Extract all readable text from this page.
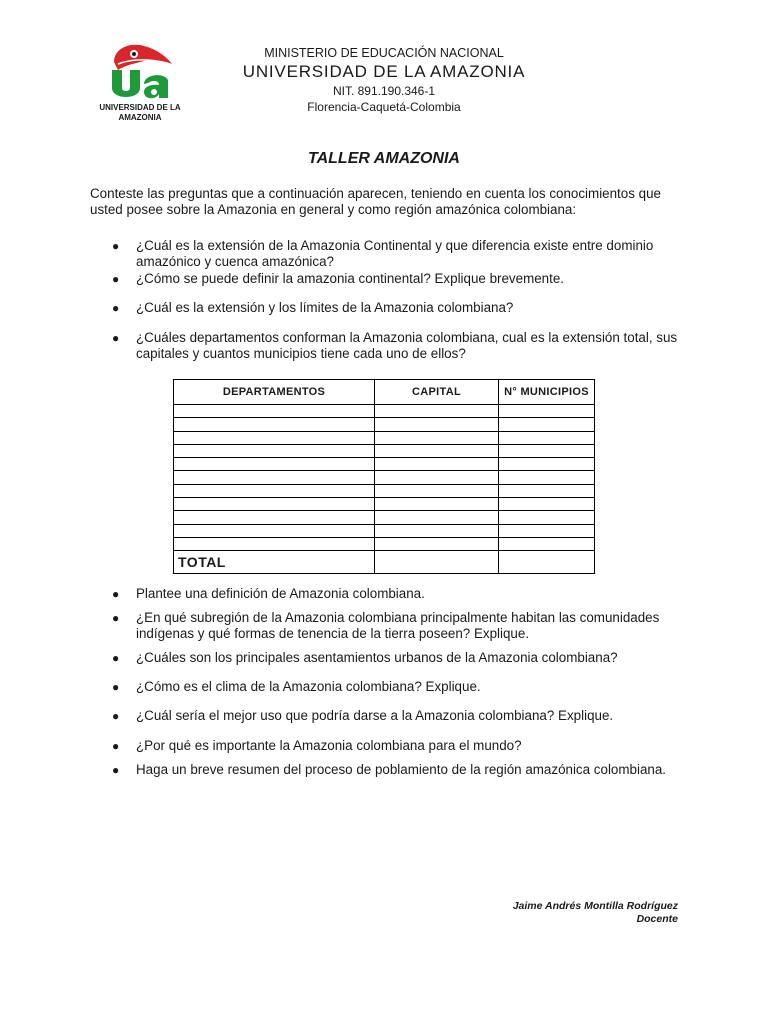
UNIVERSIDAD DE LA AMAZONIA
MINISTERIO DE EDUCACIÓN NACIONAL
UNIVERSIDAD DE LA AMAZONIA
NIT. 891.190.346-1
Florencia-Caquetá-Colombia
TALLER AMAZONIA
Conteste las preguntas que a continuación aparecen, teniendo en cuenta los conocimientos que usted posee sobre la Amazonia en general y como región amazónica colombiana:
● ¿Cuál es la extensión de la Amazonia Continental y que diferencia existe entre dominio amazónico y cuenca amazónica?
● ¿Cómo se puede definir la amazonia continental? Explique brevemente.
● ¿Cuál es la extensión y los límites de la Amazonia colombiana?
● ¿Cuáles departamentos conforman la Amazonia colombiana, cual es la extensión total, sus capitales y cuantos municipios tiene cada uno de ellos?
DEPARTAMENTOS	CAPITAL	N° MUNICIPIOS

TOTAL		
● Plantee una definición de Amazonia colombiana.
● ¿En qué subregión de la Amazonia colombiana principalmente habitan las comunidades indígenas y qué formas de tenencia de la tierra poseen? Explique.
● ¿Cuáles son los principales asentamientos urbanos de la Amazonia colombiana?
● ¿Cómo es el clima de la Amazonia colombiana? Explique.
● ¿Cuál sería el mejor uso que podría darse a la Amazonia colombiana? Explique.
● ¿Por qué es importante la Amazonia colombiana para el mundo?
● Haga un breve resumen del proceso de poblamiento de la región amazónica colombiana.
Jaime Andrés Montilla Rodríguez
Docente
